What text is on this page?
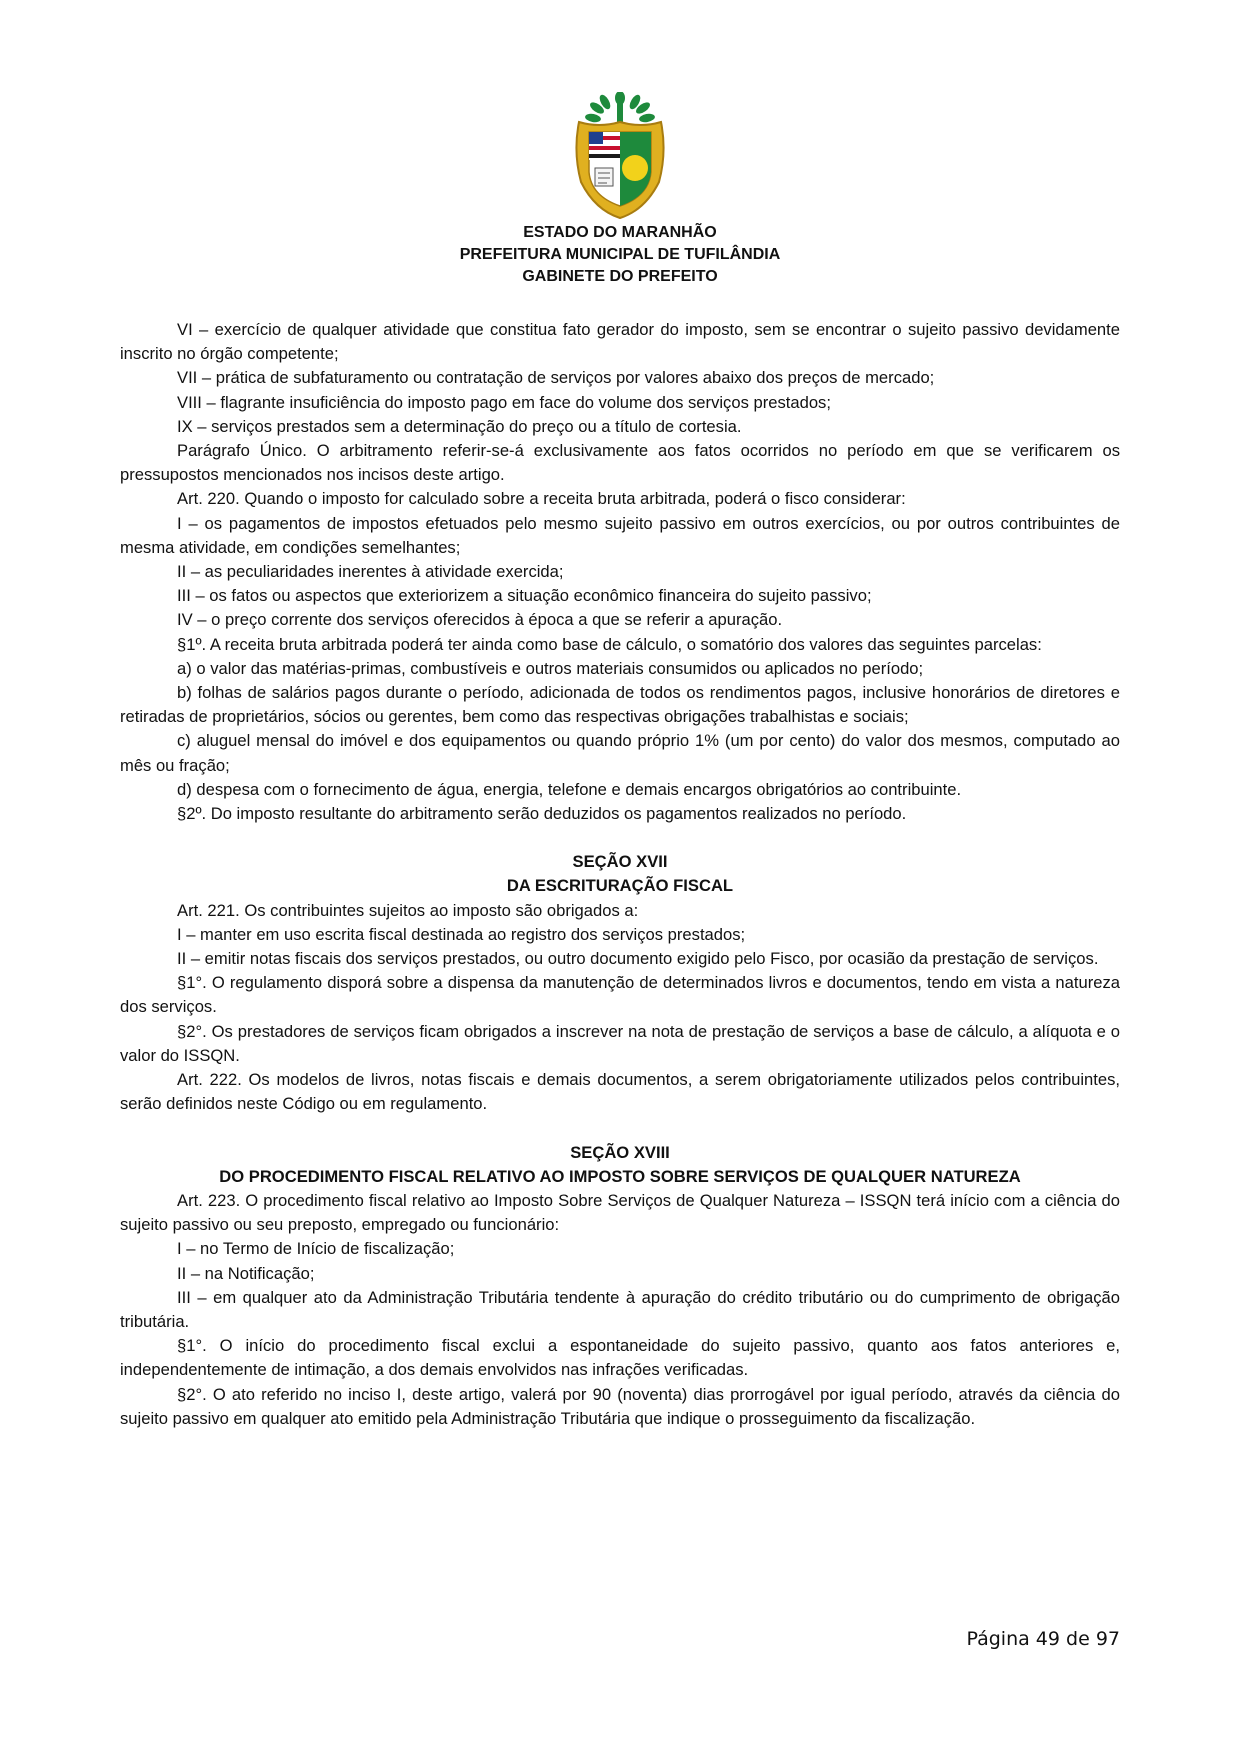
ESTADO DO MARANHÃO
PREFEITURA MUNICIPAL DE TUFILÂNDIA
GABINETE DO PREFEITO

VI – exercício de qualquer atividade que constitua fato gerador do imposto, sem se encontrar o sujeito passivo devidamente inscrito no órgão competente;

VII – prática de subfaturamento ou contratação de serviços por valores abaixo dos preços de mercado;

VIII – flagrante insuficiência do imposto pago em face do volume dos serviços prestados;

IX – serviços prestados sem a determinação do preço ou a título de cortesia.

Parágrafo Único. O arbitramento referir-se-á exclusivamente aos fatos ocorridos no período em que se verificarem os pressupostos mencionados nos incisos deste artigo.

Art. 220. Quando o imposto for calculado sobre a receita bruta arbitrada, poderá o fisco considerar:

I – os pagamentos de impostos efetuados pelo mesmo sujeito passivo em outros exercícios, ou por outros contribuintes de mesma atividade, em condições semelhantes;

II – as peculiaridades inerentes à atividade exercida;

III – os fatos ou aspectos que exteriorizem a situação econômico financeira do sujeito passivo;

IV – o preço corrente dos serviços oferecidos à época a que se referir a apuração.

§1º. A receita bruta arbitrada poderá ter ainda como base de cálculo, o somatório dos valores das seguintes parcelas:

a) o valor das matérias-primas, combustíveis e outros materiais consumidos ou aplicados no período;

b) folhas de salários pagos durante o período, adicionada de todos os rendimentos pagos, inclusive honorários de diretores e retiradas de proprietários, sócios ou gerentes, bem como das respectivas obrigações trabalhistas e sociais;

c) aluguel mensal do imóvel e dos equipamentos ou quando próprio 1% (um por cento) do valor dos mesmos, computado ao mês ou fração;

d) despesa com o fornecimento de água, energia, telefone e demais encargos obrigatórios ao contribuinte.

§2º. Do imposto resultante do arbitramento serão deduzidos os pagamentos realizados no período.

SEÇÃO XVII

DA ESCRITURAÇÃO FISCAL

Art. 221. Os contribuintes sujeitos ao imposto são obrigados a:

I – manter em uso escrita fiscal destinada ao registro dos serviços prestados;

II – emitir notas fiscais dos serviços prestados, ou outro documento exigido pelo Fisco, por ocasião da prestação de serviços.

§1°. O regulamento disporá sobre a dispensa da manutenção de determinados livros e documentos, tendo em vista a natureza dos serviços.

§2°. Os prestadores de serviços ficam obrigados a inscrever na nota de prestação de serviços a base de cálculo, a alíquota e o valor do ISSQN.

Art. 222. Os modelos de livros, notas fiscais e demais documentos, a serem obrigatoriamente utilizados pelos contribuintes, serão definidos neste Código ou em regulamento.

SEÇÃO XVIII

DO PROCEDIMENTO FISCAL RELATIVO AO IMPOSTO SOBRE SERVIÇOS DE QUALQUER NATUREZA

Art. 223. O procedimento fiscal relativo ao Imposto Sobre Serviços de Qualquer Natureza – ISSQN terá início com a ciência do sujeito passivo ou seu preposto, empregado ou funcionário:

I – no Termo de Início de fiscalização;

II – na Notificação;

III – em qualquer ato da Administração Tributária tendente à apuração do crédito tributário ou do cumprimento de obrigação tributária.

§1°. O início do procedimento fiscal exclui a espontaneidade do sujeito passivo, quanto aos fatos anteriores e, independentemente de intimação, a dos demais envolvidos nas infrações verificadas.

§2°. O ato referido no inciso I, deste artigo, valerá por 90 (noventa) dias prorrogável por igual período, através da ciência do sujeito passivo em qualquer ato emitido pela Administração Tributária que indique o prosseguimento da fiscalização.

Página 49 de 97
